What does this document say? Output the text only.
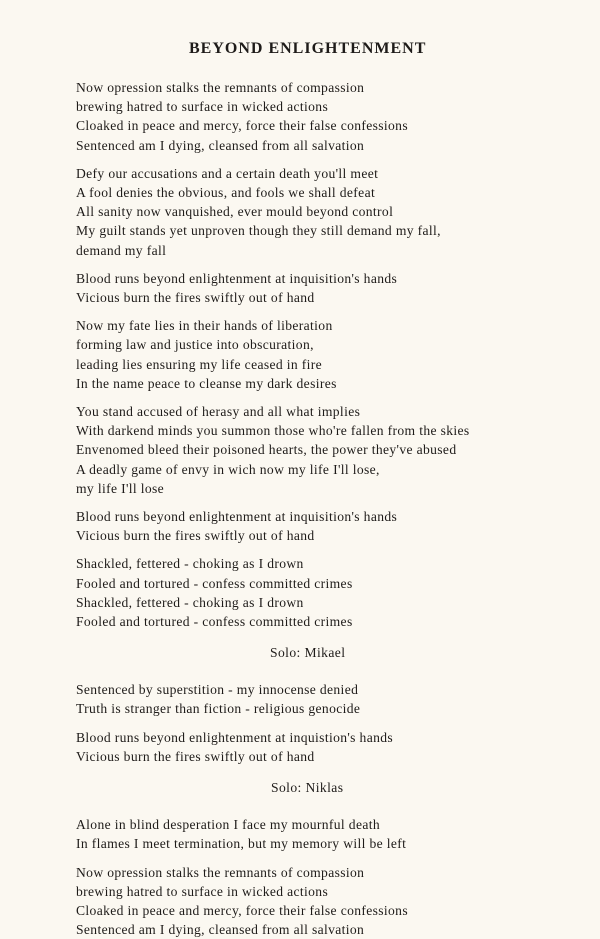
BEYOND ENLIGHTENMENT
Now opression stalks the remnants of compassion
brewing hatred to surface in wicked actions
Cloaked in peace and mercy, force their false confessions
Sentenced am I dying, cleansed from all salvation
Defy our accusations and a certain death you'll meet
A fool denies the obvious, and fools we shall defeat
All sanity now vanquished, ever mould beyond control
My guilt stands yet unproven though they still demand my fall,
demand my fall
Blood runs beyond enlightenment at inquisition's hands
Vicious burn the fires swiftly out of hand
Now my fate lies in their hands of liberation
forming law and justice into obscuration,
leading lies ensuring my life ceased in fire
In the name peace to cleanse my dark desires
You stand accused of herasy and all what implies
With darkend minds you summon those who're fallen from the skies
Envenomed bleed their poisoned hearts, the power they've abused
A deadly game of envy in wich now my life I'll lose,
my life I'll lose
Blood runs beyond enlightenment at inquisition's hands
Vicious burn the fires swiftly out of hand
Shackled, fettered - choking as I drown
Fooled and tortured - confess committed crimes
Shackled, fettered - choking as I drown
Fooled and tortured - confess committed crimes
Solo: Mikael
Sentenced by superstition - my innocense denied
Truth is stranger than fiction - religious genocide
Blood runs beyond enlightenment at inquistion's hands
Vicious burn the fires swiftly out of hand
Solo: Niklas
Alone in blind desperation I face my mournful death
In flames I meet termination, but my memory will be left
Now opression stalks the remnants of compassion
brewing hatred to surface in wicked actions
Cloaked in peace and mercy, force their false confessions
Sentenced am I dying, cleansed from all salvation
